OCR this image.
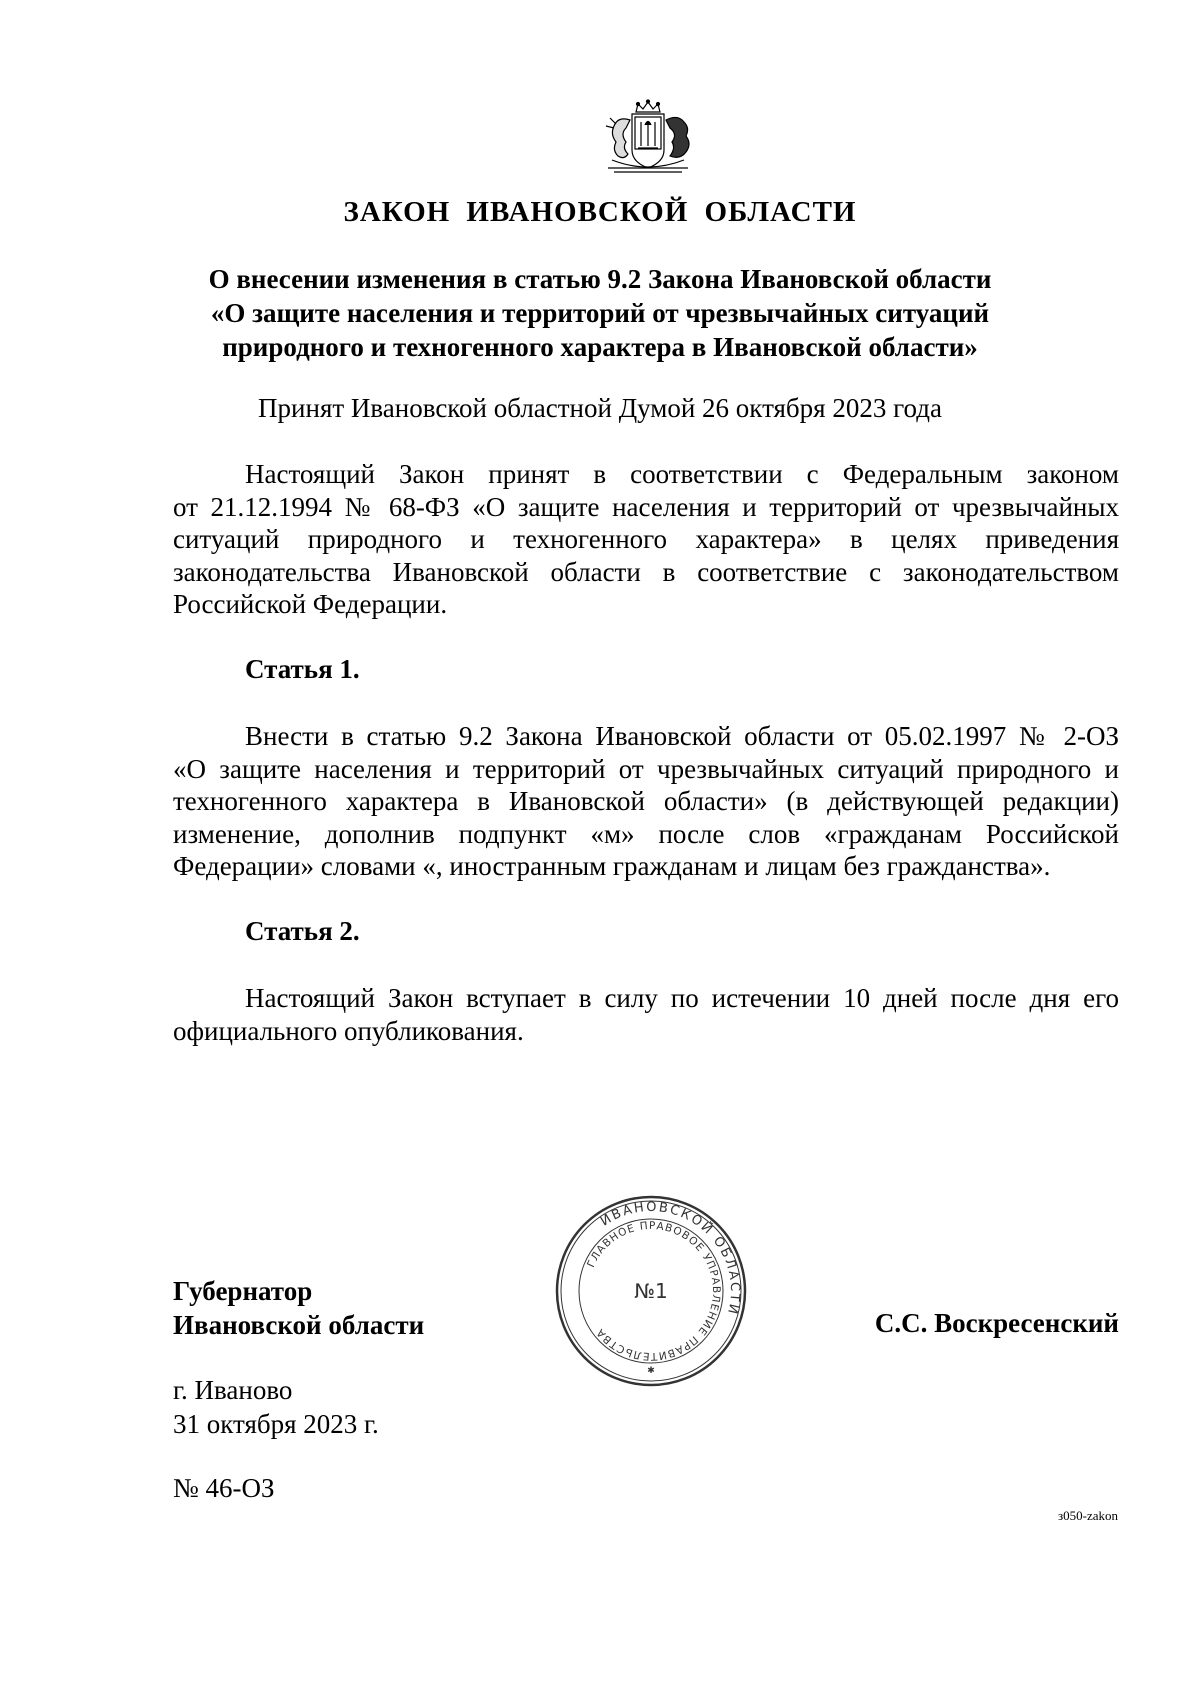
ЗАКОН ИВАНОВСКОЙ ОБЛАСТИ
О внесении изменения в статью 9.2 Закона Ивановской области
«О защите населения и территорий от чрезвычайных ситуаций
природного и техногенного характера в Ивановской области»
Принят Ивановской областной Думой 26 октября 2023 года
Настоящий Закон принят в соответствии с Федеральным законом
от 21.12.1994 № 68-ФЗ «О защите населения и территорий от чрезвычайных
ситуаций природного и техногенного характера» в целях приведения
законодательства Ивановской области в соответствие с законодательством
Российской Федерации.
Статья 1.
Внести в статью 9.2 Закона Ивановской области от 05.02.1997 № 2-ОЗ
«О защите населения и территорий от чрезвычайных ситуаций природного и
техногенного характера в Ивановской области» (в действующей редакции)
изменение, дополнив подпункт «м» после слов «гражданам Российской
Федерации» словами «, иностранным гражданам и лицам без гражданства».
Статья 2.
Настоящий Закон вступает в силу по истечении 10 дней после дня его
официального опубликования.
ИВАНОВСКОЙ ОБЛАСТИ
ГЛАВНОЕ ПРАВОВОЕ УПРАВЛЕНИЕ ПРАВИТЕЛЬСТВА
№1
✱
Губернатор
Ивановской области	С.С. Воскресенский
г. Иваново
31 октября 2023 г.
№ 46-ОЗ
з050-zakon
